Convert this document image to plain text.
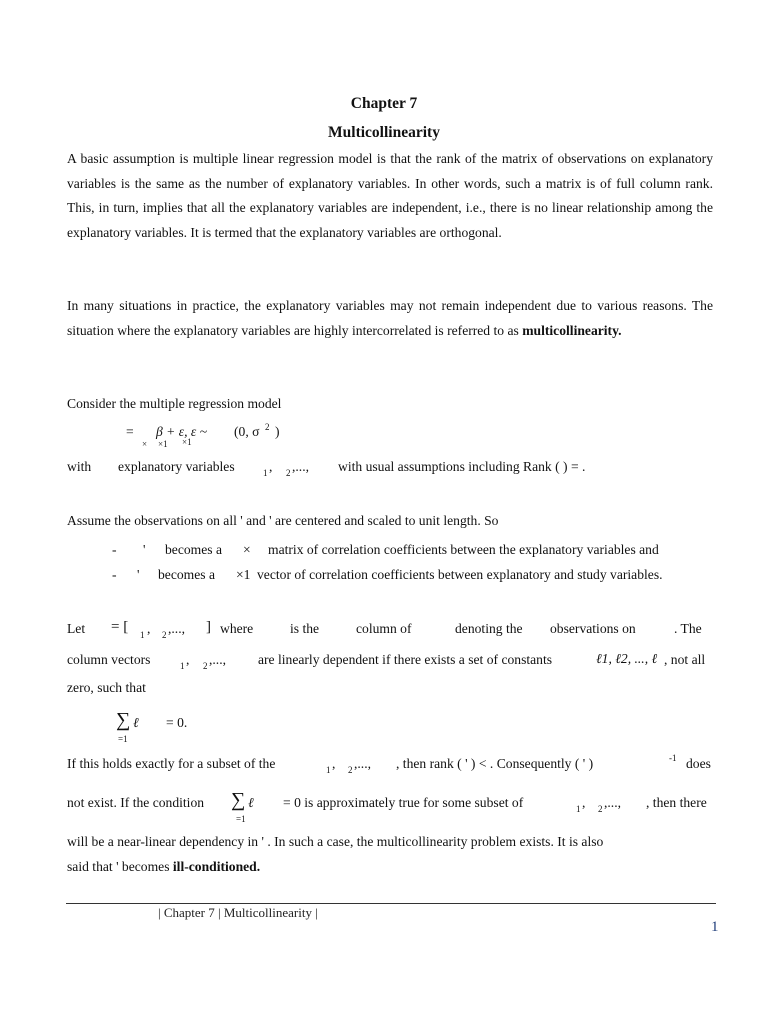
Chapter 7
Multicollinearity
A basic assumption is multiple linear regression model is that the rank of the matrix of observations on explanatory variables is the same as the number of explanatory variables. In other words, such a matrix is of full column rank. This, in turn, implies that all the explanatory variables are independent, i.e., there is no linear relationship among the explanatory variables. It is termed that the explanatory variables are orthogonal.
In many situations in practice, the explanatory variables may not remain independent due to various reasons. The situation where the explanatory variables are highly intercorrelated is referred to as multicollinearity.
Consider the multiple regression model
= β + ε, ε ~ (0, σ 2 )
× ×1 ×1
with explanatory variables	1 , 2 ,..., with usual assumptions including Rank ( ) = .
Assume the observations on all ' and ' are centered and scaled to unit length. So
- ' becomes a × matrix of correlation coefficients between the explanatory variables and
- ' becomes a ×1 vector of correlation coefficients between explanatory and study variables.
Let = [ 1 , 2 ,..., ] where	is the	column of	denoting the observations on	. The
column vectors	1 , 2 ,..., are linearly dependent if there exists a set of constants	ℓ1, ℓ2, ..., ℓ , not all
zero, such that
∑ ℓ
=1
= 0.
If this holds exactly for a subset of the	1 , 2 ,..., , then rank ( ' ) < . Consequently ( ' )	-1 does
not exist. If the condition ∑ ℓ
=1
= 0 is approximately true for some subset of	1 , 2 ,..., , then there
will be a near-linear dependency in ' . In such a case, the multicollinearity problem exists. It is also
said that ' becomes ill-conditioned.
| Chapter 7 | Multicollinearity |
1
